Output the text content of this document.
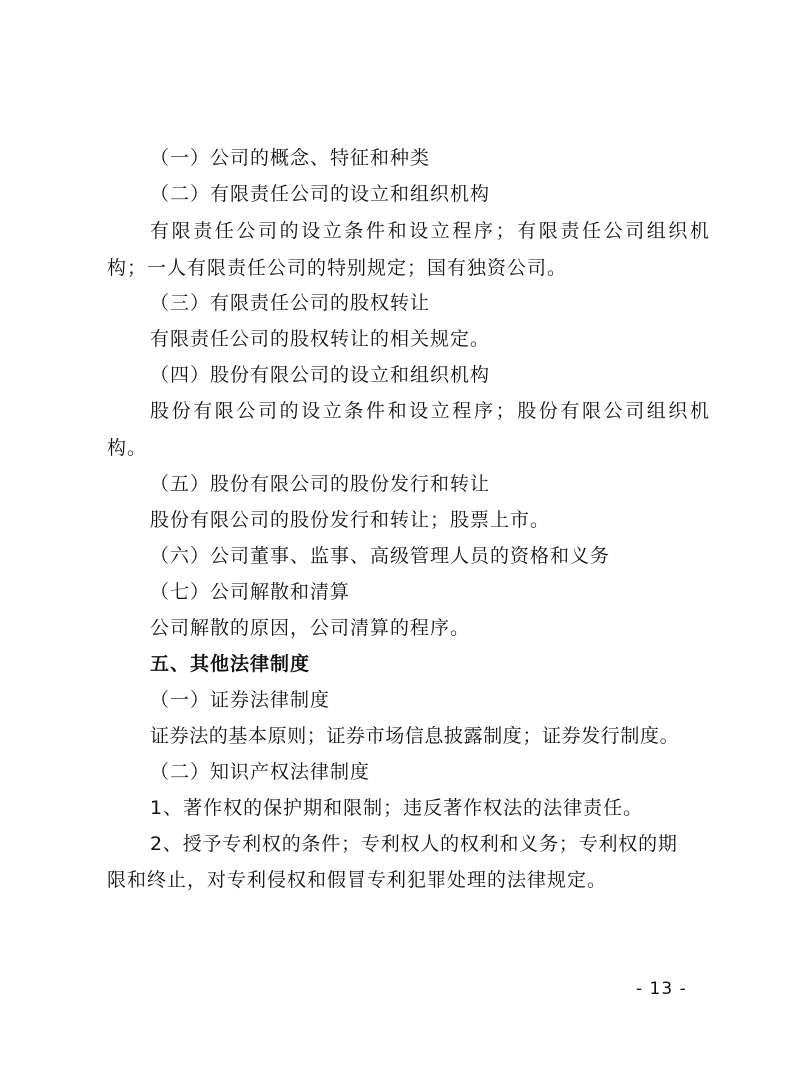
（一）公司的概念、特征和种类
（二）有限责任公司的设立和组织机构
有限责任公司的设立条件和设立程序；有限责任公司组织机
构；一人有限责任公司的特别规定；国有独资公司。
（三）有限责任公司的股权转让
有限责任公司的股权转让的相关规定。
（四）股份有限公司的设立和组织机构
股份有限公司的设立条件和设立程序；股份有限公司组织机
构。
（五）股份有限公司的股份发行和转让
股份有限公司的股份发行和转让；股票上市。
（六）公司董事、监事、高级管理人员的资格和义务
（七）公司解散和清算
公司解散的原因，公司清算的程序。
五、其他法律制度
（一）证券法律制度
证券法的基本原则；证券市场信息披露制度；证券发行制度。
（二）知识产权法律制度
1、著作权的保护期和限制；违反著作权法的法律责任。
2、授予专利权的条件；专利权人的权利和义务；专利权的期
限和终止，对专利侵权和假冒专利犯罪处理的法律规定。
- 13 -
